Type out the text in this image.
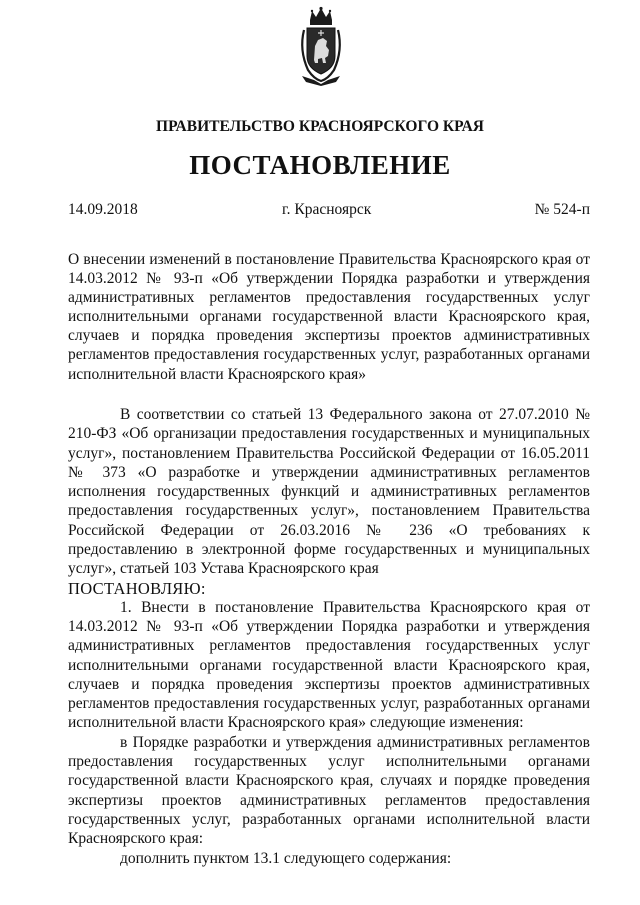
ПРАВИТЕЛЬСТВО КРАСНОЯРСКОГО КРАЯ
ПОСТАНОВЛЕНИЕ
14.09.2018	г. Красноярск	№ 524-п
О внесении изменений в постановление Правительства Красноярского края от 14.03.2012 № 93-п «Об утверждении Порядка разработки и утверждения административных регламентов предоставления государственных услуг исполнительными органами государственной власти Красноярского края, случаев и порядка проведения экспертизы проектов административных регламентов предоставления государственных услуг, разработанных органами исполнительной власти Красноярского края»

В соответствии со статьей 13 Федерального закона от 27.07.2010 № 210-ФЗ «Об организации предоставления государственных и муниципальных услуг», постановлением Правительства Российской Федерации от 16.05.2011 № 373 «О разработке и утверждении административных регламентов исполнения государственных функций и административных регламентов предоставления государственных услуг», постановлением Правительства Российской Федерации от 26.03.2016 № 236 «О требованиях к предоставлению в электронной форме государственных и муниципальных услуг», статьей 103 Устава Красноярского края

ПОСТАНОВЛЯЮ:

1. Внести в постановление Правительства Красноярского края от 14.03.2012 № 93-п «Об утверждении Порядка разработки и утверждения административных регламентов предоставления государственных услуг исполнительными органами государственной власти Красноярского края, случаев и порядка проведения экспертизы проектов административных регламентов предоставления государственных услуг, разработанных органами исполнительной власти Красноярского края» следующие изменения:

в Порядке разработки и утверждения административных регламентов предоставления государственных услуг исполнительными органами государственной власти Красноярского края, случаях и порядке проведения экспертизы проектов административных регламентов предоставления государственных услуг, разработанных органами исполнительной власти Красноярского края:

дополнить пунктом 13.1 следующего содержания:
